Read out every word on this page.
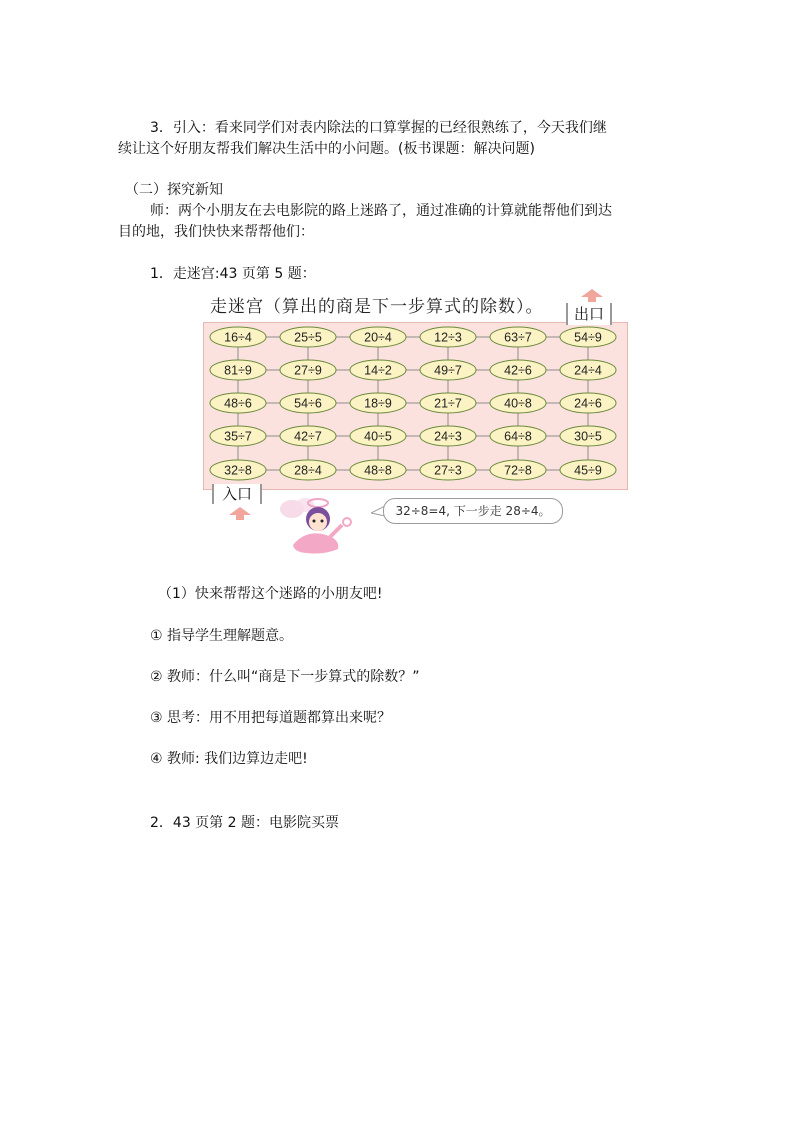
3．引入：看来同学们对表内除法的口算掌握的已经很熟练了，今天我们继
续让这个好朋友帮我们解决生活中的小问题。(板书课题：解决问题)
（二）探究新知
师：两个小朋友在去电影院的路上迷路了，通过准确的计算就能帮他们到达
目的地，我们快快来帮帮他们：
1．走迷宫:43 页第 5 题：
走迷宫（算出的商是下一步算式的除数）。
16÷4	25÷5	20÷4	12÷3	63÷7	54÷9
81÷9	27÷9	14÷2	49÷7	42÷6	24÷4
48÷6	54÷6	18÷9	21÷7	40÷8	24÷6
35÷7	42÷7	40÷5	24÷3	64÷8	30÷5
32÷8	28÷4	48÷8	27÷3	72÷8	45÷9
出口
入口
32÷8=4, 下一步走 28÷4。
（1）快来帮帮这个迷路的小朋友吧!
① 指导学生理解题意。
② 教师：什么叫“商是下一步算式的除数？”
③ 思考：用不用把每道题都算出来呢？
④ 教师: 我们边算边走吧!
2．43 页第 2 题：电影院买票
